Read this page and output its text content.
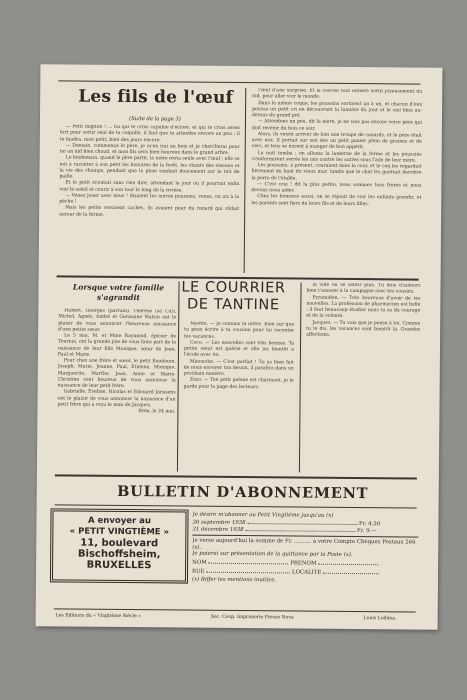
Les fils de l'œuf
(Suite de la page 3)

— Petit mignon ! ... toi qui te crois capable d'éclore, et qui te crois assez fort pour sortir seul de ta coquille, il faut que tu attendes encore un peu ; il te faudra, mon petit, bien des jours encore.

— Demain, commença le père, je m'en irai au bois et je chercherai pour toi un nid bien chaud, et mon fils sera bien heureux dans le grand arbre.

Le lendemain, quand le père partit, la mère resta seule avec l'œuf ; elle se mit à raconter à son petit les histoires de la forêt, les chants des oiseaux et la vie des champs, pendant que la pluie tombait doucement sur le toit de paille.

Et le petit écoutait sans rien dire, attendant le jour où il pourrait enfin voir le soleil et courir à son tour le long de la rivière.

— Venez jouer avec nous ! disaient les autres poussins, venez, on ira à la pêche !

Mais les petits restaient cachés, ils avaient peur du renard qui rôdait autour de la ferme.

l'œuf d'une surprise. Et la couvée tout entière sortit joyeusement du nid, pour aller voir le monde.

Dans la même coque, les poussins sortirent un à un, et chacun d'eux poussa un petit cri en découvrant la lumière du jour et le ciel bleu au-dessus du grand pré.

— Attendons un peu, dit la mère, je ne vois pas encore votre père qui doit revenir du bois ce soir.

Alors, ils virent arriver de loin une troupe de canards, et le père était avec eux. Il portait sur son dos un petit panier plein de graines et de vers, et tous se mirent à manger de bon appétit.

La nuit tomba ; on alluma la lanterne de la ferme et les poussins s'endormirent serrés les uns contre les autres sous l'aile de leur mère.

Les poussins, à présent, couraient dans la cour, et le coq les regardait fièrement du haut du vieux mur, tandis que le chat les guettait derrière la porte de l'étable.

— C'est vrai ! dit la plus petite, nous sommes tous frères et nous devons nous aider.

Chez les hommes aussi, on se réjouit de voir les enfants grandir, et les parents sont fiers de leurs fils et de leurs filles.

Lorsque votre famille
s'agrandit

Hubert, Georges (parrain), Thérèse (sa Cul), Michel, Agnès, André et Germaine Walsin ont le plaisir de vous annoncer l'heureuse naissance d'une petite sœur.

Le 5 mai, M. et Mme Raymond, épicier de Tournai, ont la grande joie de vous faire part de la naissance de leur fille Monique, sœur de Jean, Paul et Marie.

Pour chez une frère et sœur, le petit Baudouin, Joseph, Marie, Jeanne, Paul, Etienne, Monique, Marguerite, Marthe, Jean, Anne et Marie-Christine sont heureux de vous annoncer la naissance de leur petit frère.

Gabrielle, Eveline, Nicolas et Edouard Janssens ont le plaisir de vous annoncer la naissance d'un petit frère qui a reçu le nom de Jacques.

Brée, le 24 mai.

LE COURRIER
DE TANTINE

Myette. — Je connais ta lettre. Bien sûr que tu peux écrire à ta cousine pour lui raconter tes vacances.

Coco. — Les nouvelles sont très bonnes. Ta petite sœur est guérie et elle ira bientôt à l'école avec toi.

Minouche. — C'est parfait ! Tu as bien fait de nous envoyer ton dessin, il paraîtra dans un prochain numéro.

Zozo. — Ton petit poème est charmant, je le garde pour la page des lecteurs.

la ville ou se sentir plus. Tu dois d'ailleurs bien t'amuser à la campagne avec tes cousins.

Pyramidon. — Très heureuse d'avoir de tes nouvelles. La profession de pharmacien est belle ; il faut beaucoup étudier mais tu as du courage et de la volonté.

Jacques. — Tu vois que je pense à toi. Comme tu le dis, les vacances sont bientôt là. Grandes affections.

BULLETIN D'ABONNEMENT
A envoyer au
« PETIT VINGTIÈME »
11, boulevard
Bischoffsheim,
BRUXELLES
Je désire m'abonner au Petit Vingtième jusqu'au (x)
30 septembre 1938	Fr. 4.50
31 décembre 1938	Fr. 9.—
Je verse aujourd'hui la somme de Fr. .......... à votre Compte Chèques Postaux 266 (x).
Je paierai sur présentation de la quittance par la Poste (x).
NOM	PRÉNOM
RUE	LOCALITÉ
(x) Biffer les mentions inutiles.
Les Editions du « Vingtième Siècle »	Soc. Coop. Imprimerie Presse Nova	Louis Lodima.
